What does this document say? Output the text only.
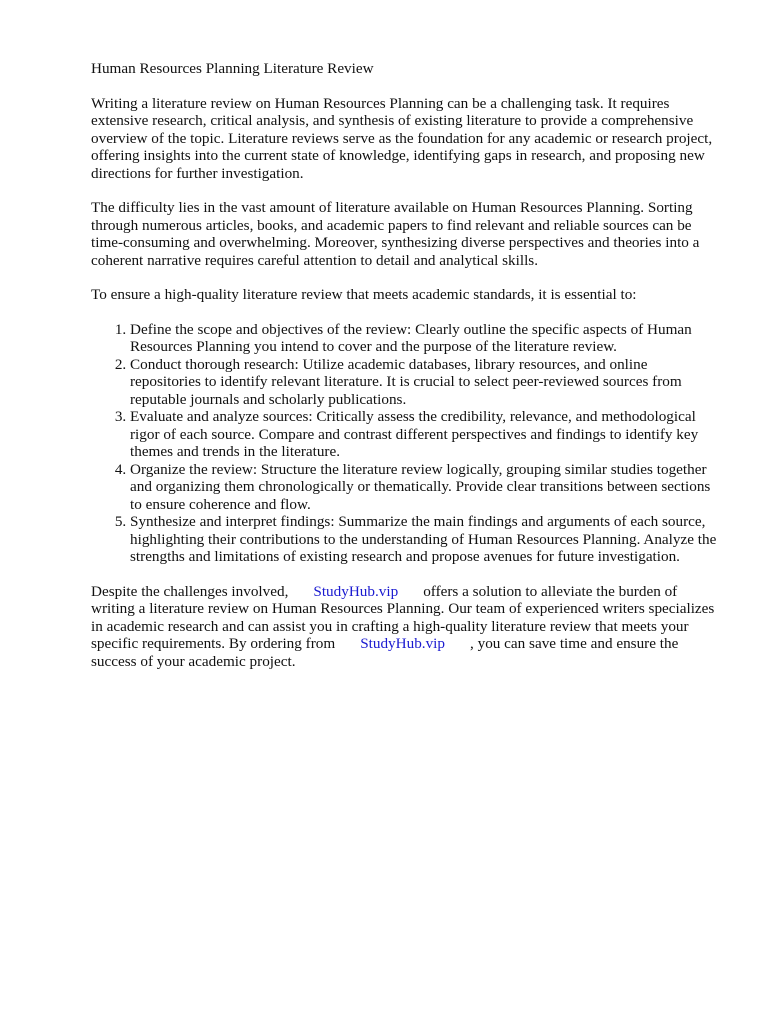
Human Resources Planning Literature Review

Writing a literature review on Human Resources Planning can be a challenging task. It requires extensive research, critical analysis, and synthesis of existing literature to provide a comprehensive overview of the topic. Literature reviews serve as the foundation for any academic or research project, offering insights into the current state of knowledge, identifying gaps in research, and proposing new directions for further investigation.

The difficulty lies in the vast amount of literature available on Human Resources Planning. Sorting through numerous articles, books, and academic papers to find relevant and reliable sources can be time-consuming and overwhelming. Moreover, synthesizing diverse perspectives and theories into a coherent narrative requires careful attention to detail and analytical skills.

To ensure a high-quality literature review that meets academic standards, it is essential to:

1. Define the scope and objectives of the review: Clearly outline the specific aspects of Human Resources Planning you intend to cover and the purpose of the literature review.
2. Conduct thorough research: Utilize academic databases, library resources, and online repositories to identify relevant literature. It is crucial to select peer-reviewed sources from reputable journals and scholarly publications.
3. Evaluate and analyze sources: Critically assess the credibility, relevance, and methodological rigor of each source. Compare and contrast different perspectives and findings to identify key themes and trends in the literature.
4. Organize the review: Structure the literature review logically, grouping similar studies together and organizing them chronologically or thematically. Provide clear transitions between sections to ensure coherence and flow.
5. Synthesize and interpret findings: Summarize the main findings and arguments of each source, highlighting their contributions to the understanding of Human Resources Planning. Analyze the strengths and limitations of existing research and propose avenues for future investigation.

Despite the challenges involved, StudyHub.vip offers a solution to alleviate the burden of writing a literature review on Human Resources Planning. Our team of experienced writers specializes in academic research and can assist you in crafting a high-quality literature review that meets your specific requirements. By ordering from StudyHub.vip , you can save time and ensure the success of your academic project.
